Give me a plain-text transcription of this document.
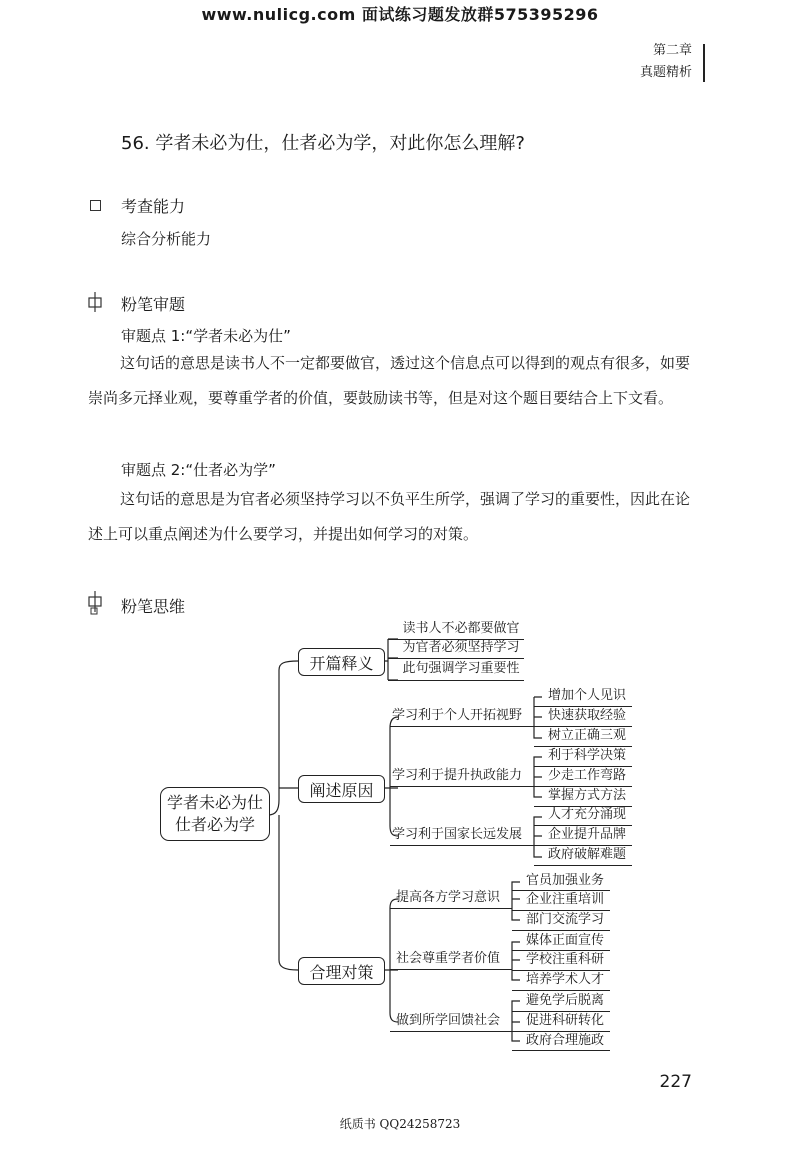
www.nulicg.com 面试练习题发放群575395296
第二章
真题精析
56. 学者未必为仕，仕者必为学，对此你怎么理解?
考查能力
综合分析能力
粉笔审题
审题点 1:“学者未必为仕”
这句话的意思是读书人不一定都要做官，透过这个信息点可以得到的观点有很多，如要崇尚多元择业观，要尊重学者的价值，要鼓励读书等，但是对这个题目要结合上下文看。
审题点 2:“仕者必为学”
这句话的意思是为官者必须坚持学习以不负平生所学，强调了学习的重要性，因此在论述上可以重点阐述为什么要学习，并提出如何学习的对策。
粉笔思维
学者未必为仕
仕者必为学
开篇释义
阐述原因
合理对策
读书人不必都要做官
为官者必须坚持学习
此句强调学习重要性
学习利于个人开拓视野
学习利于提升执政能力
学习利于国家长远发展
增加个人见识
快速获取经验
树立正确三观
利于科学决策
少走工作弯路
掌握方式方法
人才充分涌现
企业提升品牌
政府破解难题
提高各方学习意识
社会尊重学者价值
做到所学回馈社会
官员加强业务
企业注重培训
部门交流学习
媒体正面宣传
学校注重科研
培养学术人才
避免学后脱离
促进科研转化
政府合理施政
227
纸质书 QQ24258723
